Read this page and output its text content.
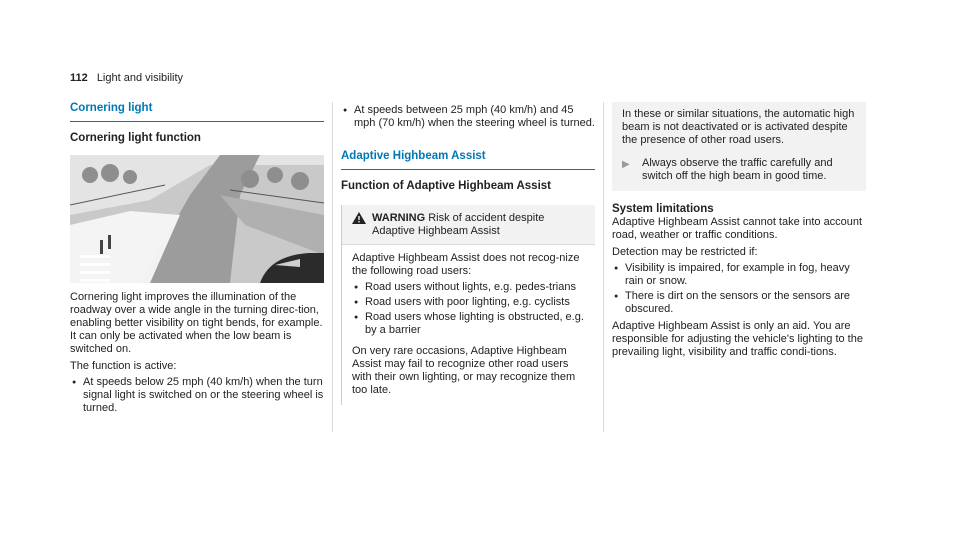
112 Light and visibility
Cornering light
Cornering light function

Cornering light improves the illumination of the roadway over a wide angle in the turning direc-tion, enabling better visibility on tight bends, for example. It can only be activated when the low beam is switched on.

The function is active:

● At speeds below 25 mph (40 km/h) when the turn signal light is switched on or the steering wheel is turned.
● At speeds between 25 mph (40 km/h) and 45 mph (70 km/h) when the steering wheel is turned.
Adaptive Highbeam Assist
Function of Adaptive Highbeam Assist
WARNING Risk of accident despite Adaptive Highbeam Assist

Adaptive Highbeam Assist does not recog-nize the following road users:

● Road users without lights, e.g. pedes-trians
● Road users with poor lighting, e.g. cyclists
● Road users whose lighting is obstructed, e.g. by a barrier

On very rare occasions, Adaptive Highbeam Assist may fail to recognize other road users with their own lighting, or may recognize them too late.

In these or similar situations, the automatic high beam is not deactivated or is activated despite the presence of other road users.

▶ Always observe the traffic carefully and switch off the high beam in good time.
System limitations

Adaptive Highbeam Assist cannot take into account road, weather or traffic conditions.

Detection may be restricted if:

● Visibility is impaired, for example in fog, heavy rain or snow.
● There is dirt on the sensors or the sensors are obscured.

Adaptive Highbeam Assist is only an aid. You are responsible for adjusting the vehicle's lighting to the prevailing light, visibility and traffic condi-tions.
